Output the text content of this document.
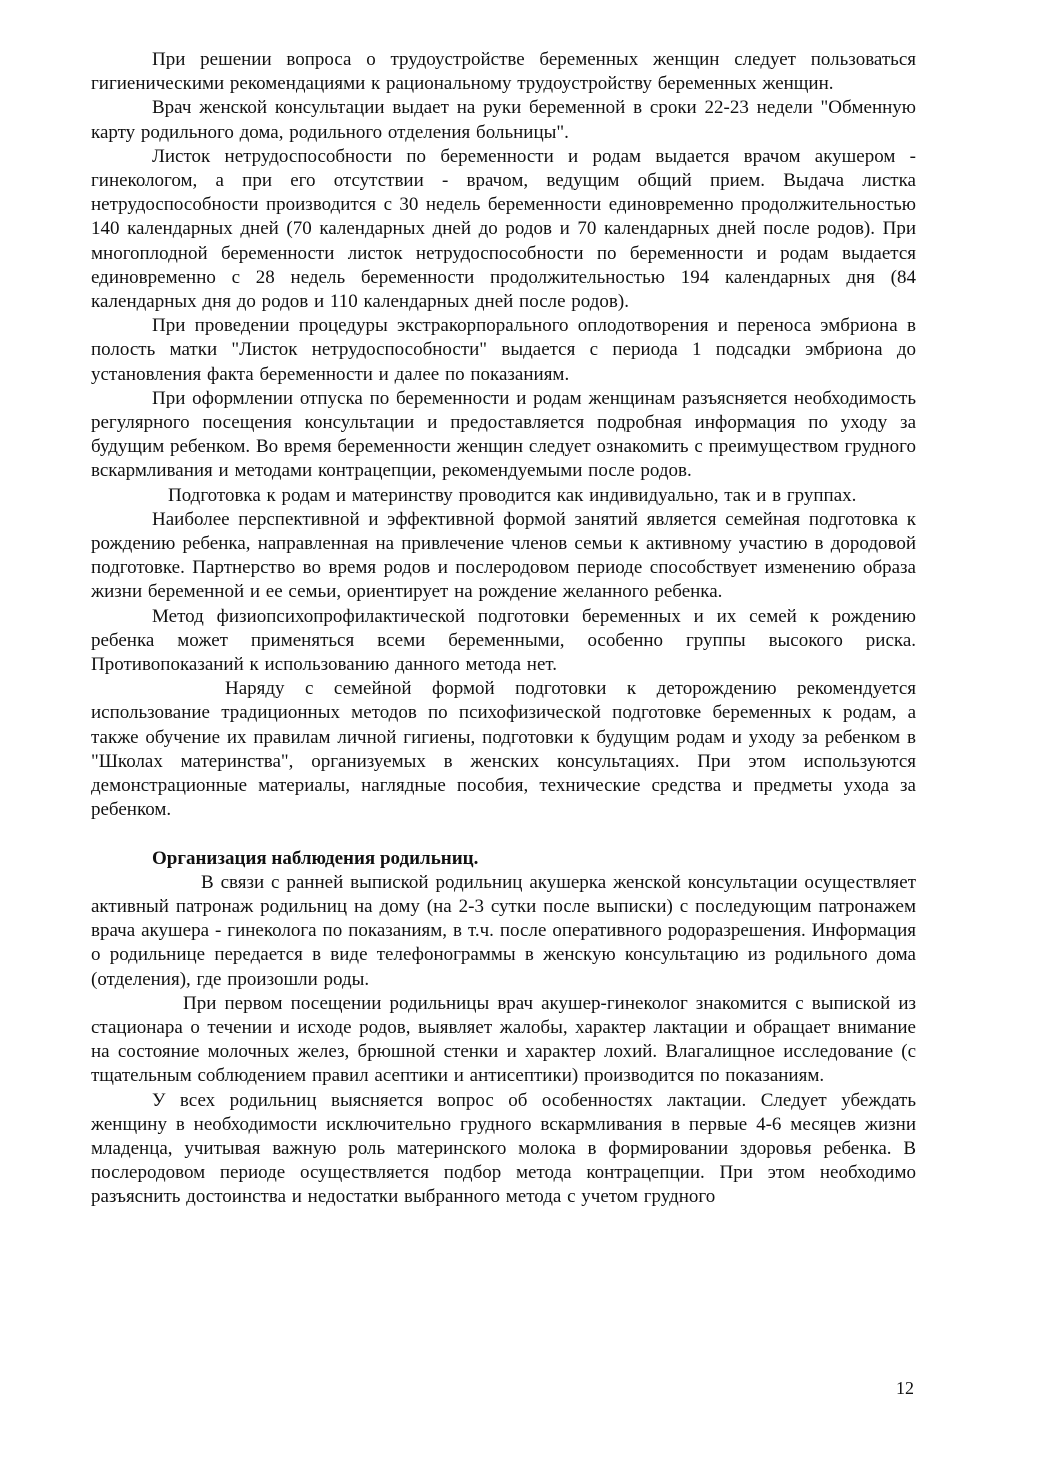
При решении вопроса о трудоустройстве беременных женщин следует пользоваться гигиеническими рекомендациями к рациональному трудоустройству беременных женщин.

Врач женской консультации выдает на руки беременной в сроки 22-23 недели "Обменную карту родильного дома, родильного отделения больницы".

Листок нетрудоспособности по беременности и родам выдается врачом акушером - гинекологом, а при его отсутствии - врачом, ведущим общий прием. Выдача листка нетрудоспособности производится с 30 недель беременности единовременно продолжительностью 140 календарных дней (70 календарных дней до родов и 70 календарных дней после родов). При многоплодной беременности листок нетрудоспособности по беременности и родам выдается единовременно с 28 недель беременности продолжительностью 194 календарных дня (84 календарных дня до родов и 110 календарных дней после родов).

При проведении процедуры экстракорпорального оплодотворения и переноса эмбриона в полость матки "Листок нетрудоспособности" выдается с периода 1 подсадки эмбриона до установления факта беременности и далее по показаниям.

При оформлении отпуска по беременности и родам женщинам разъясняется необходимость регулярного посещения консультации и предоставляется подробная информация по уходу за будущим ребенком. Во время беременности женщин следует ознакомить с преимуществом грудного вскармливания и методами контрацепции, рекомендуемыми после родов.

Подготовка к родам и материнству проводится как индивидуально, так и в группах.

Наиболее перспективной и эффективной формой занятий является семейная подготовка к рождению ребенка, направленная на привлечение членов семьи к активному участию в дородовой подготовке. Партнерство во время родов и послеродовом периоде способствует изменению образа жизни беременной и ее семьи, ориентирует на рождение желанного ребенка.

Метод физиопсихопрофилактической подготовки беременных и их семей к рождению ребенка может применяться всеми беременными, особенно группы высокого риска. Противопоказаний к использованию данного метода нет.

Наряду с семейной формой подготовки к деторождению рекомендуется использование традиционных методов по психофизической подготовке беременных к родам, а также обучение их правилам личной гигиены, подготовки к будущим родам и уходу за ребенком в "Школах материнства", организуемых в женских консультациях. При этом используются демонстрационные материалы, наглядные пособия, технические средства и предметы ухода за ребенком.

Организация наблюдения родильниц.

В связи с ранней выпиской родильниц акушерка женской консультации осуществляет активный патронаж родильниц на дому (на 2-3 сутки после выписки) с последующим патронажем врача акушера - гинеколога по показаниям, в т.ч. после оперативного родоразрешения. Информация о родильнице передается в виде телефонограммы в женскую консультацию из родильного дома (отделения), где произошли роды.

При первом посещении родильницы врач акушер-гинеколог знакомится с выпиской из стационара о течении и исходе родов, выявляет жалобы, характер лактации и обращает внимание на состояние молочных желез, брюшной стенки и характер лохий. Влагалищное исследование (с тщательным соблюдением правил асептики и антисептики) производится по показаниям.

У всех родильниц выясняется вопрос об особенностях лактации. Следует убеждать женщину в необходимости исключительно грудного вскармливания в первые 4-6 месяцев жизни младенца, учитывая важную роль материнского молока в формировании здоровья ребенка. В послеродовом периоде осуществляется подбор метода контрацепции. При этом необходимо разъяснить достоинства и недостатки выбранного метода с учетом грудного

12
